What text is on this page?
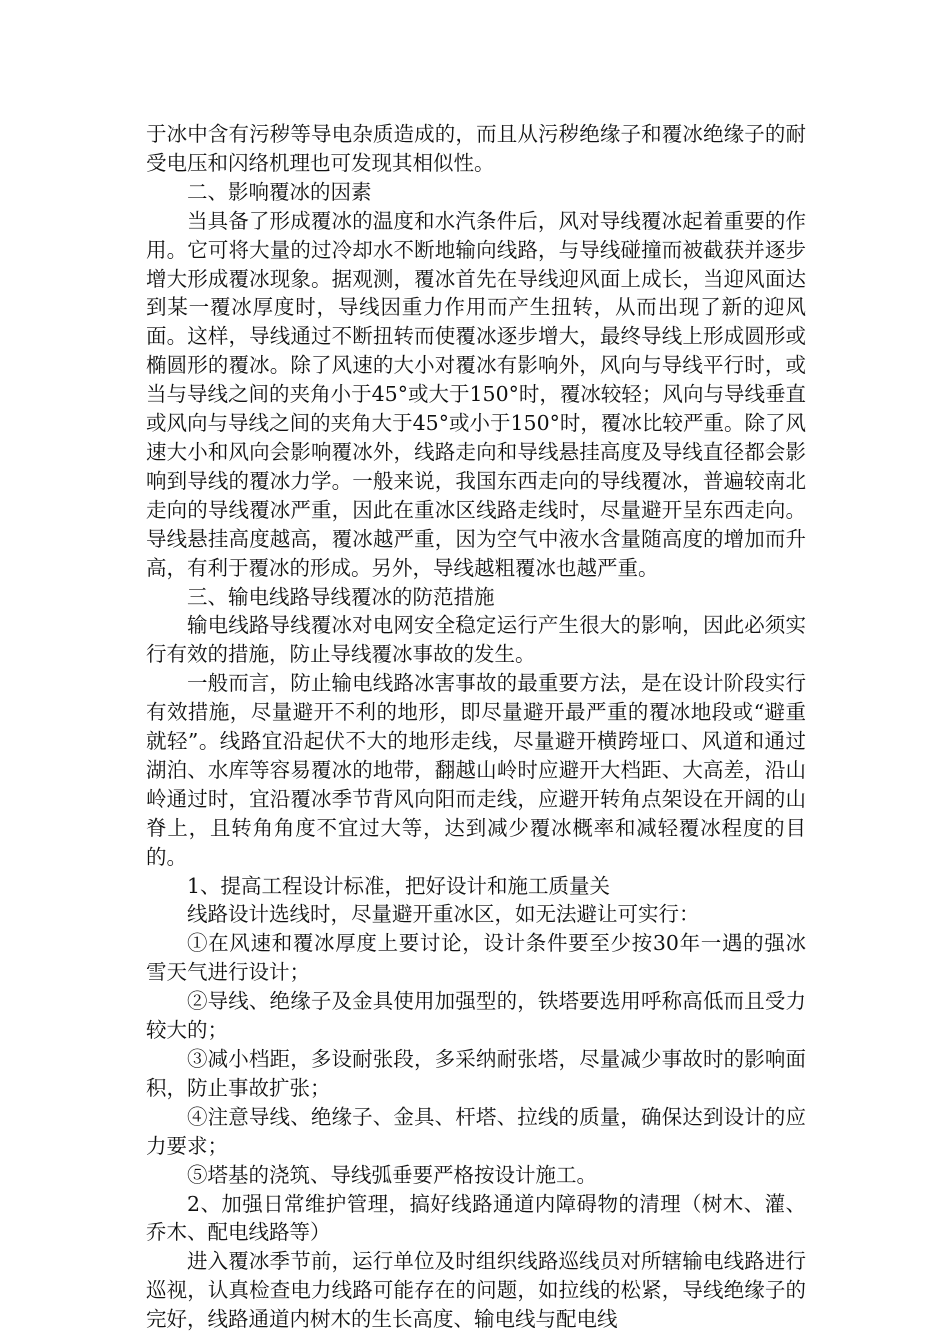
于冰中含有污秽等导电杂质造成的，而且从污秽绝缘子和覆冰绝缘子的耐受电压和闪络机理也可发现其相似性。

二、影响覆冰的因素

当具备了形成覆冰的温度和水汽条件后，风对导线覆冰起着重要的作用。它可将大量的过冷却水不断地输向线路，与导线碰撞而被截获并逐步增大形成覆冰现象。据观测，覆冰首先在导线迎风面上成长，当迎风面达到某一覆冰厚度时，导线因重力作用而产生扭转，从而出现了新的迎风面。这样，导线通过不断扭转而使覆冰逐步增大，最终导线上形成圆形或椭圆形的覆冰。除了风速的大小对覆冰有影响外，风向与导线平行时，或当与导线之间的夹角小于45°或大于150°时，覆冰较轻；风向与导线垂直或风向与导线之间的夹角大于45°或小于150°时，覆冰比较严重。除了风速大小和风向会影响覆冰外，线路走向和导线悬挂高度及导线直径都会影响到导线的覆冰力学。一般来说，我国东西走向的导线覆冰，普遍较南北走向的导线覆冰严重，因此在重冰区线路走线时，尽量避开呈东西走向。导线悬挂高度越高，覆冰越严重，因为空气中液水含量随高度的增加而升高，有利于覆冰的形成。另外，导线越粗覆冰也越严重。

三、输电线路导线覆冰的防范措施

输电线路导线覆冰对电网安全稳定运行产生很大的影响，因此必须实行有效的措施，防止导线覆冰事故的发生。

一般而言，防止输电线路冰害事故的最重要方法，是在设计阶段实行有效措施，尽量避开不利的地形，即尽量避开最严重的覆冰地段或“避重就轻”。线路宜沿起伏不大的地形走线，尽量避开横跨垭口、风道和通过湖泊、水库等容易覆冰的地带，翻越山岭时应避开大档距、大高差，沿山岭通过时，宜沿覆冰季节背风向阳而走线，应避开转角点架设在开阔的山脊上，且转角角度不宜过大等，达到减少覆冰概率和减轻覆冰程度的目的。

1、提高工程设计标准，把好设计和施工质量关

线路设计选线时，尽量避开重冰区，如无法避让可实行：

①在风速和覆冰厚度上要讨论，设计条件要至少按30年一遇的强冰雪天气进行设计；

②导线、绝缘子及金具使用加强型的，铁塔要选用呼称高低而且受力较大的；

③减小档距，多设耐张段，多采纳耐张塔，尽量减少事故时的影响面积，防止事故扩张；

④注意导线、绝缘子、金具、杆塔、拉线的质量，确保达到设计的应力要求；

⑤塔基的浇筑、导线弧垂要严格按设计施工。

2、加强日常维护管理，搞好线路通道内障碍物的清理（树木、灌、乔木、配电线路等）

进入覆冰季节前，运行单位及时组织线路巡线员对所辖输电线路进行巡视，认真检查电力线路可能存在的问题，如拉线的松紧，导线绝缘子的完好，线路通道内树木的生长高度、输电线与配电线
